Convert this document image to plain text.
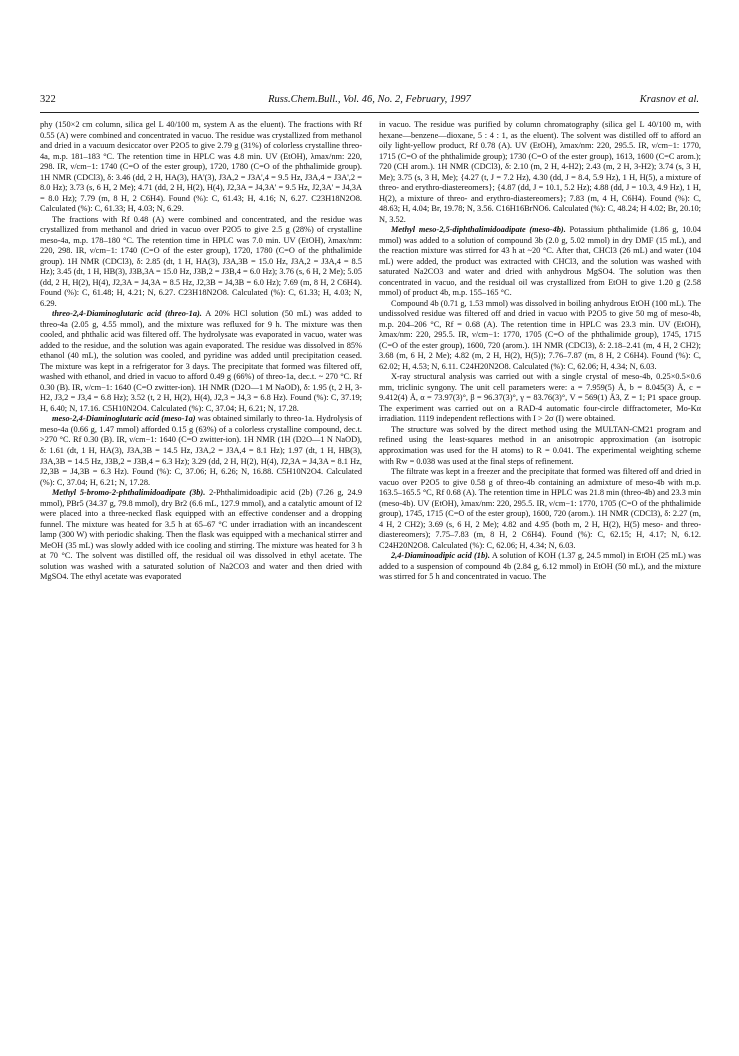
Russ.Chem.Bull., Vol. 46, No. 2, February, 1997
322	Krasnov et al.

phy (150×2 cm column, silica gel L 40/100 m, system A as the eluent). The fractions with Rf 0.55 (A) were combined and concentrated in vacuo. The residue was crystallized from methanol and dried in a vacuum desiccator over P2O5 to give 2.79 g (31%) of colorless crystalline threo-4a, m.p. 181–183 °C. The retention time in HPLC was 4.8 min. UV (EtOH), λmax/nm: 220, 298. IR, ν/cm−1: 1740 (C=O of the ester group), 1720, 1780 (C=O of the phthalimide group). 1H NMR (CDCl3), δ: 3.46 (dd, 2 H, HA(3), HA'(3), J3A,2 = J3A',4 = 9.5 Hz, J3A,4 = J3A',2 = 8.0 Hz); 3.73 (s, 6 H, 2 Me); 4.71 (dd, 2 H, H(2), H(4), J2,3A = J4,3A' = 9.5 Hz, J2,3A' = J4,3A = 8.0 Hz); 7.79 (m, 8 H, 2 C6H4). Found (%): C, 61.43; H, 4.16; N, 6.27. C23H18N2O8. Calculated (%): C, 61.33; H, 4.03; N, 6.29.

The fractions with Rf 0.48 (A) were combined and concentrated, and the residue was crystallized from methanol and dried in vacuo over P2O5 to give 2.5 g (28%) of crystalline meso-4a, m.p. 178–180 °C. The retention time in HPLC was 7.0 min. UV (EtOH), λmax/nm: 220, 298. IR, ν/cm−1: 1740 (C=O of the ester group), 1720, 1780 (C=O of the phthalimide group). 1H NMR (CDCl3), δ: 2.85 (dt, 1 H, HA(3), J3A,3B = 15.0 Hz, J3A,2 = J3A,4 = 8.5 Hz); 3.45 (dt, 1 H, HB(3), J3B,3A = 15.0 Hz, J3B,2 = J3B,4 = 6.0 Hz); 3.76 (s, 6 H, 2 Me); 5.05 (dd, 2 H, H(2), H(4), J2,3A = J4,3A = 8.5 Hz, J2,3B = J4,3B = 6.0 Hz); 7.69 (m, 8 H, 2 C6H4). Found (%): C, 61.48; H, 4.21; N, 6.27. C23H18N2O8. Calculated (%): C, 61.33; H, 4.03; N, 6.29.

threo-2,4-Diaminoglutaric acid (threo-1a). A 20% HCl solution (50 mL) was added to threo-4a (2.05 g, 4.55 mmol), and the mixture was refluxed for 9 h. The mixture was then cooled, and phthalic acid was filtered off. The hydrolysate was evaporated in vacuo, water was added to the residue, and the solution was again evaporated. The residue was dissolved in 85% ethanol (40 mL), the solution was cooled, and pyridine was added until precipitation ceased. The mixture was kept in a refrigerator for 3 days. The precipitate that formed was filtered off, washed with ethanol, and dried in vacuo to afford 0.49 g (66%) of threo-1a, dec.t. ~ 270 °C. Rf 0.30 (B). IR, ν/cm−1: 1640 (C=O zwitter-ion). 1H NMR (D2O—1 M NaOD), δ: 1.95 (t, 2 H, 3-H2, J3,2 = J3,4 = 6.8 Hz); 3.52 (t, 2 H, H(2), H(4), J2,3 = J4,3 = 6.8 Hz). Found (%): C, 37.19; H, 6.40; N, 17.16. C5H10N2O4. Calculated (%): C, 37.04; H, 6.21; N, 17.28.

meso-2,4-Diaminoglutaric acid (meso-1a) was obtained similarly to threo-1a. Hydrolysis of meso-4a (0.66 g, 1.47 mmol) afforded 0.15 g (63%) of a colorless crystalline compound, dec.t. >270 °C. Rf 0.30 (B). IR, ν/cm−1: 1640 (C=O zwitter-ion). 1H NMR (1H (D2O—1 N NaOD), δ: 1.61 (dt, 1 H, HA(3), J3A,3B = 14.5 Hz, J3A,2 = J3A,4 = 8.1 Hz); 1.97 (dt, 1 H, HB(3), J3A,3B = 14.5 Hz, J3B,2 = J3B,4 = 6.3 Hz); 3.29 (dd, 2 H, H(2), H(4), J2,3A = J4,3A = 8.1 Hz, J2,3B = J4,3B = 6.3 Hz). Found (%): C, 37.06; H, 6.26; N, 16.88. C5H10N2O4. Calculated (%): C, 37.04; H, 6.21; N, 17.28.

Methyl 5-bromo-2-phthalimidoadipate (3b). 2-Phthalimidoadipic acid (2b) (7.26 g, 24.9 mmol), PBr5 (34.37 g, 79.8 mmol), dry Br2 (6.6 mL, 127.9 mmol), and a catalytic amount of I2 were placed into a three-necked flask equipped with an effective condenser and a dropping funnel. The mixture was heated for 3.5 h at 65–67 °C under irradiation with an incandescent lamp (300 W) with periodic shaking. Then the flask was equipped with a mechanical stirrer and MeOH (35 mL) was slowly added with ice cooling and stirring. The mixture was heated for 3 h at 70 °C. The solvent was distilled off, the residual oil was dissolved in ethyl acetate. The solution was washed with a saturated solution of Na2CO3 and water and then dried with MgSO4. The ethyl acetate was evaporated

in vacuo. The residue was purified by column chromatography (silica gel L 40/100 m, with hexane—benzene—dioxane, 5 : 4 : 1, as the eluent). The solvent was distilled off to afford an oily light-yellow product, Rf 0.78 (A). UV (EtOH), λmax/nm: 220, 295.5. IR, ν/cm−1: 1770, 1715 (C=O of the phthalimide group); 1730 (C=O of the ester group), 1613, 1600 (C=C arom.); 720 (CH arom.). 1H NMR (CDCl3), δ: 2.10 (m, 2 H, 4-H2); 2.43 (m, 2 H, 3-H2); 3.74 (s, 3 H, Me); 3.75 (s, 3 H, Me); {4.27 (t, J = 7.2 Hz), 4.30 (dd, J = 8.4, 5.9 Hz), 1 H, H(5), a mixture of threo- and erythro-diastereomers}; {4.87 (dd, J = 10.1, 5.2 Hz); 4.88 (dd, J = 10.3, 4.9 Hz), 1 H, H(2), a mixture of threo- and erythro-diastereomers}; 7.83 (m, 4 H, C6H4). Found (%): C, 48.63; H, 4.04; Br, 19.78; N, 3.56. C16H16BrNO6. Calculated (%): C, 48.24; H 4.02; Br, 20.10; N, 3.52.

Methyl meso-2,5-diphthalimidoadipate (meso-4b). Potassium phthalimide (1.86 g, 10.04 mmol) was added to a solution of compound 3b (2.0 g, 5.02 mmol) in dry DMF (15 mL), and the reaction mixture was stirred for 43 h at ~20 °C. After that, CHCl3 (26 mL) and water (104 mL) were added, the product was extracted with CHCl3, and the solution was washed with saturated Na2CO3 and water and dried with anhydrous MgSO4. The solution was then concentrated in vacuo, and the residual oil was crystallized from EtOH to give 1.20 g (2.58 mmol) of product 4b, m.p. 155–165 °C.

Compound 4b (0.71 g, 1.53 mmol) was dissolved in boiling anhydrous EtOH (100 mL). The undissolved residue was filtered off and dried in vacuo with P2O5 to give 50 mg of meso-4b, m.p. 204–206 °C, Rf = 0.68 (A). The retention time in HPLC was 23.3 min. UV (EtOH), λmax/nm: 220, 295.5. IR, ν/cm−1: 1770, 1705 (C=O of the phthalimide group), 1745, 1715 (C=O of the ester group), 1600, 720 (arom.). 1H NMR (CDCl3), δ: 2.18–2.41 (m, 4 H, 2 CH2); 3.68 (m, 6 H, 2 Me); 4.82 (m, 2 H, H(2), H(5)); 7.76–7.87 (m, 8 H, 2 C6H4). Found (%): C, 62.02; H, 4.53; N, 6.11. C24H20N2O8. Calculated (%): C, 62.06; H, 4.34; N, 6.03.

X-ray structural analysis was carried out with a single crystal of meso-4b, 0.25×0.5×0.6 mm, triclinic syngony. The unit cell parameters were: a = 7.959(5) Å, b = 8.045(3) Å, c = 9.412(4) Å, α = 73.97(3)°, β = 96.37(3)°, γ = 83.76(3)°, V = 569(1) Å3, Z = 1; P1 space group. The experiment was carried out on a RAD-4 automatic four-circle diffractometer, Mo-Kα irradiation. 1119 independent reflections with I > 2σ (I) were obtained.

The structure was solved by the direct method using the MULTAN-CM21 program and refined using the least-squares method in an anisotropic approximation (an isotropic approximation was used for the H atoms) to R = 0.041. The experimental weighting scheme with Rw = 0.038 was used at the final steps of refinement.

The filtrate was kept in a freezer and the precipitate that formed was filtered off and dried in vacuo over P2O5 to give 0.58 g of threo-4b containing an admixture of meso-4b with m.p. 163.5–165.5 °C, Rf 0.68 (A). The retention time in HPLC was 21.8 min (threo-4b) and 23.3 min (meso-4b). UV (EtOH), λmax/nm: 220, 295.5. IR, ν/cm−1: 1770, 1705 (C=O of the phthalimide group), 1745, 1715 (C=O of the ester group), 1600, 720 (arom.). 1H NMR (CDCl3), δ: 2.27 (m, 4 H, 2 CH2); 3.69 (s, 6 H, 2 Me); 4.82 and 4.95 (both m, 2 H, H(2), H(5) meso- and threo-diastereomers); 7.75–7.83 (m, 8 H, 2 C6H4). Found (%): C, 62.15; H, 4.17; N, 6.12. C24H20N2O8. Calculated (%): C, 62.06; H, 4.34; N, 6.03.

2,4-Diaminoadipic acid (1b). A solution of KOH (1.37 g, 24.5 mmol) in EtOH (25 mL) was added to a suspension of compound 4b (2.84 g, 6.12 mmol) in EtOH (50 mL), and the mixture was stirred for 5 h and concentrated in vacuo. The
